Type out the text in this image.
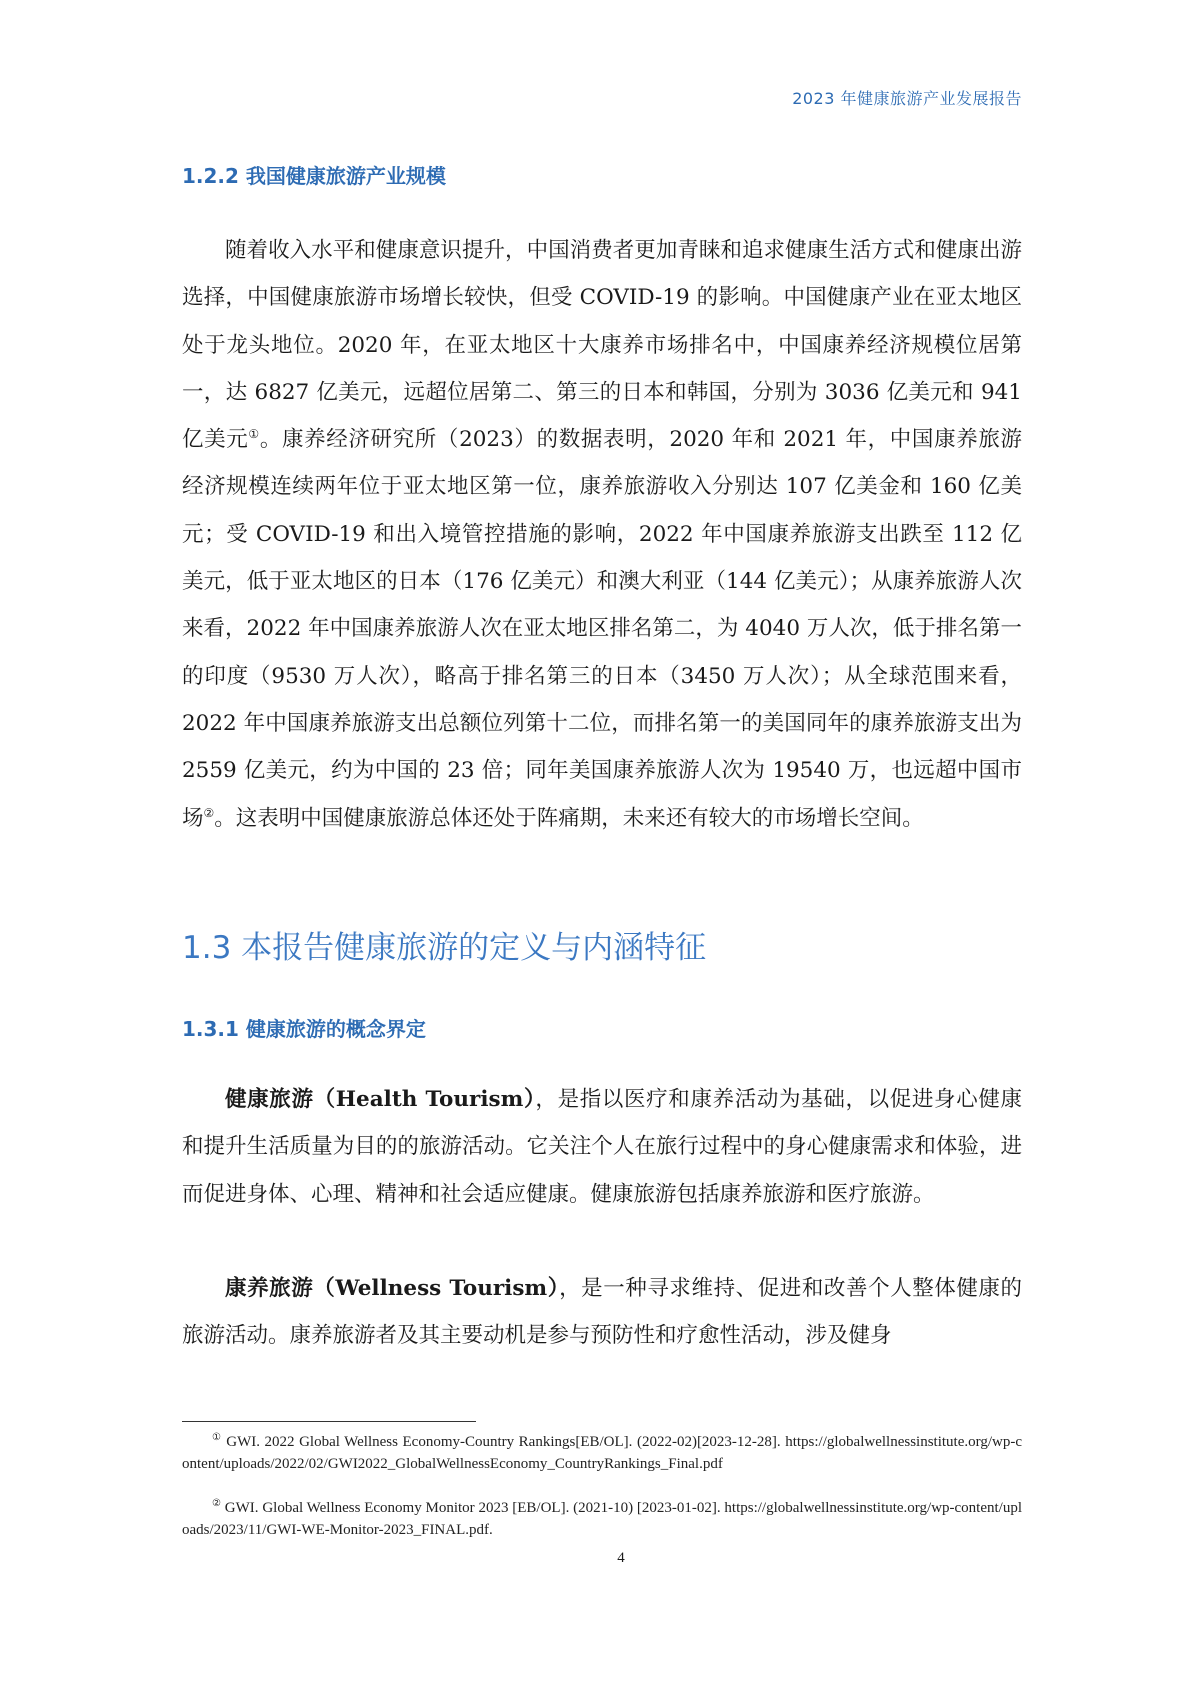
2023 年健康旅游产业发展报告
1.2.2 我国健康旅游产业规模

随着收入水平和健康意识提升，中国消费者更加青睐和追求健康生活方式和健康出游选择，中国健康旅游市场增长较快，但受 COVID-19 的影响。中国健康产业在亚太地区处于龙头地位。2020 年，在亚太地区十大康养市场排名中，中国康养经济规模位居第一，达 6827 亿美元，远超位居第二、第三的日本和韩国，分别为 3036 亿美元和 941 亿美元①。康养经济研究所（2023）的数据表明，2020 年和 2021 年，中国康养旅游经济规模连续两年位于亚太地区第一位，康养旅游收入分别达 107 亿美金和 160 亿美元；受 COVID-19 和出入境管控措施的影响，2022 年中国康养旅游支出跌至 112 亿美元，低于亚太地区的日本（176 亿美元）和澳大利亚（144 亿美元）；从康养旅游人次来看，2022 年中国康养旅游人次在亚太地区排名第二，为 4040 万人次，低于排名第一的印度（9530 万人次），略高于排名第三的日本（3450 万人次）；从全球范围来看，2022 年中国康养旅游支出总额位列第十二位，而排名第一的美国同年的康养旅游支出为 2559 亿美元，约为中国的 23 倍；同年美国康养旅游人次为 19540 万，也远超中国市场②。这表明中国健康旅游总体还处于阵痛期，未来还有较大的市场增长空间。

1.3 本报告健康旅游的定义与内涵特征
1.3.1 健康旅游的概念界定

健康旅游（Health Tourism），是指以医疗和康养活动为基础，以促进身心健康和提升生活质量为目的的旅游活动。它关注个人在旅行过程中的身心健康需求和体验，进而促进身体、心理、精神和社会适应健康。健康旅游包括康养旅游和医疗旅游。

康养旅游（Wellness Tourism），是一种寻求维持、促进和改善个人整体健康的旅游活动。康养旅游者及其主要动机是参与预防性和疗愈性活动，涉及健身

① GWI. 2022 Global Wellness Economy-Country Rankings[EB/OL]. (2022-02)[2023-12-28]. https://globalwellnessinstitute.org/wp-content/uploads/2022/02/GWI2022_GlobalWellnessEconomy_CountryRankings_Final.pdf

② GWI. Global Wellness Economy Monitor 2023 [EB/OL]. (2021-10) [2023-01-02]. https://globalwellnessinstitute.org/wp-content/uploads/2023/11/GWI-WE-Monitor-2023_FINAL.pdf.

4
